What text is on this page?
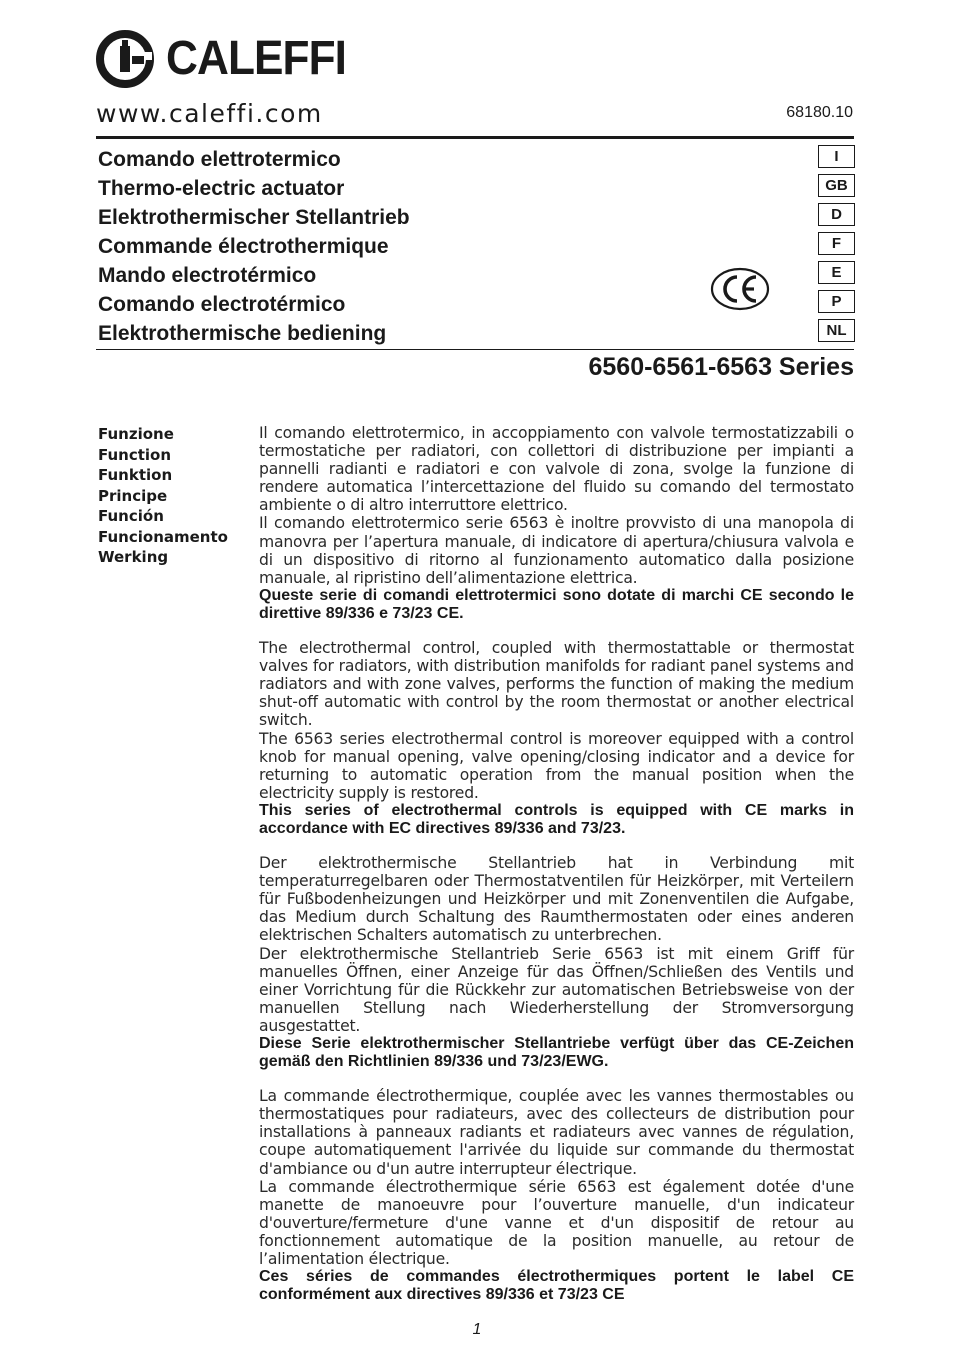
CALEFFI
www.caleffi.com	68180.10
Comando elettrotermico
Thermo-electric actuator
Elektrothermischer Stellantrieb
Commande électrothermique
Mando electrotérmico
Comando electrotérmico
Elektrothermische bediening
I
GB
D
F
E
P
NL
6560-6561-6563 Series
Funzione
Function
Funktion
Principe
Función
Funcionamento
Werking

Il comando elettrotermico, in accoppiamento con valvole termostatizzabili o termostatiche per radiatori, con collettori di distribuzione per impianti a pannelli radianti e radiatori e con valvole di zona, svolge la funzione di rendere automatica l’intercettazione del fluido su comando del termostato ambiente o di altro interruttore elettrico.

Il comando elettrotermico serie 6563 è inoltre provvisto di una manopola di manovra per l’apertura manuale, di indicatore di apertura/chiusura valvola e di un dispositivo di ritorno al funzionamento automatico dalla posizione manuale, al ripristino dell’alimentazione elettrica.

Queste serie di comandi elettrotermici sono dotate di marchi CE secondo le direttive 89/336 e 73/23 CE.

The electrothermal control, coupled with thermostattable or thermostat valves for radiators, with distribution manifolds for radiant panel systems and radiators and with zone valves, performs the function of making the medium shut-off automatic with control by the room thermostat or another electrical switch.

The 6563 series electrothermal control is moreover equipped with a control knob for manual opening, valve opening/closing indicator and a device for returning to automatic operation from the manual position when the electricity supply is restored.

This series of electrothermal controls is equipped with CE marks in accordance with EC directives 89/336 and 73/23.

Der elektrothermische Stellantrieb hat in Verbindung mit temperaturregelbaren oder Thermostatventilen für Heizkörper, mit Verteilern für Fußbodenheizungen und Heizkörper und mit Zonenventilen die Aufgabe, das Medium durch Schaltung des Raumthermostaten oder eines anderen elektrischen Schalters automatisch zu unterbrechen.

Der elektrothermische Stellantrieb Serie 6563 ist mit einem Griff für manuelles Öffnen, einer Anzeige für das Öffnen/Schließen des Ventils und einer Vorrichtung für die Rückkehr zur automatischen Betriebsweise von der manuellen Stellung nach Wiederherstellung der Stromversorgung ausgestattet.

Diese Serie elektrothermischer Stellantriebe verfügt über das CE-Zeichen gemäß den Richtlinien 89/336 und 73/23/EWG.

La commande électrothermique, couplée avec les vannes thermostables ou thermostatiques pour radiateurs, avec des collecteurs de distribution pour installations à panneaux radiants et radiateurs avec vannes de régulation, coupe automatiquement l'arrivée du liquide sur commande du thermostat d'ambiance ou d'un autre interrupteur électrique.

La commande électrothermique série 6563 est également dotée d'une manette de manoeuvre pour l’ouverture manuelle, d'un indicateur d'ouverture/fermeture d'une vanne et d'un dispositif de retour au fonctionnement automatique de la position manuelle, au retour de l’alimentation électrique.

Ces séries de commandes électrothermiques portent le label CE conformément aux directives 89/336 et 73/23 CE

1
